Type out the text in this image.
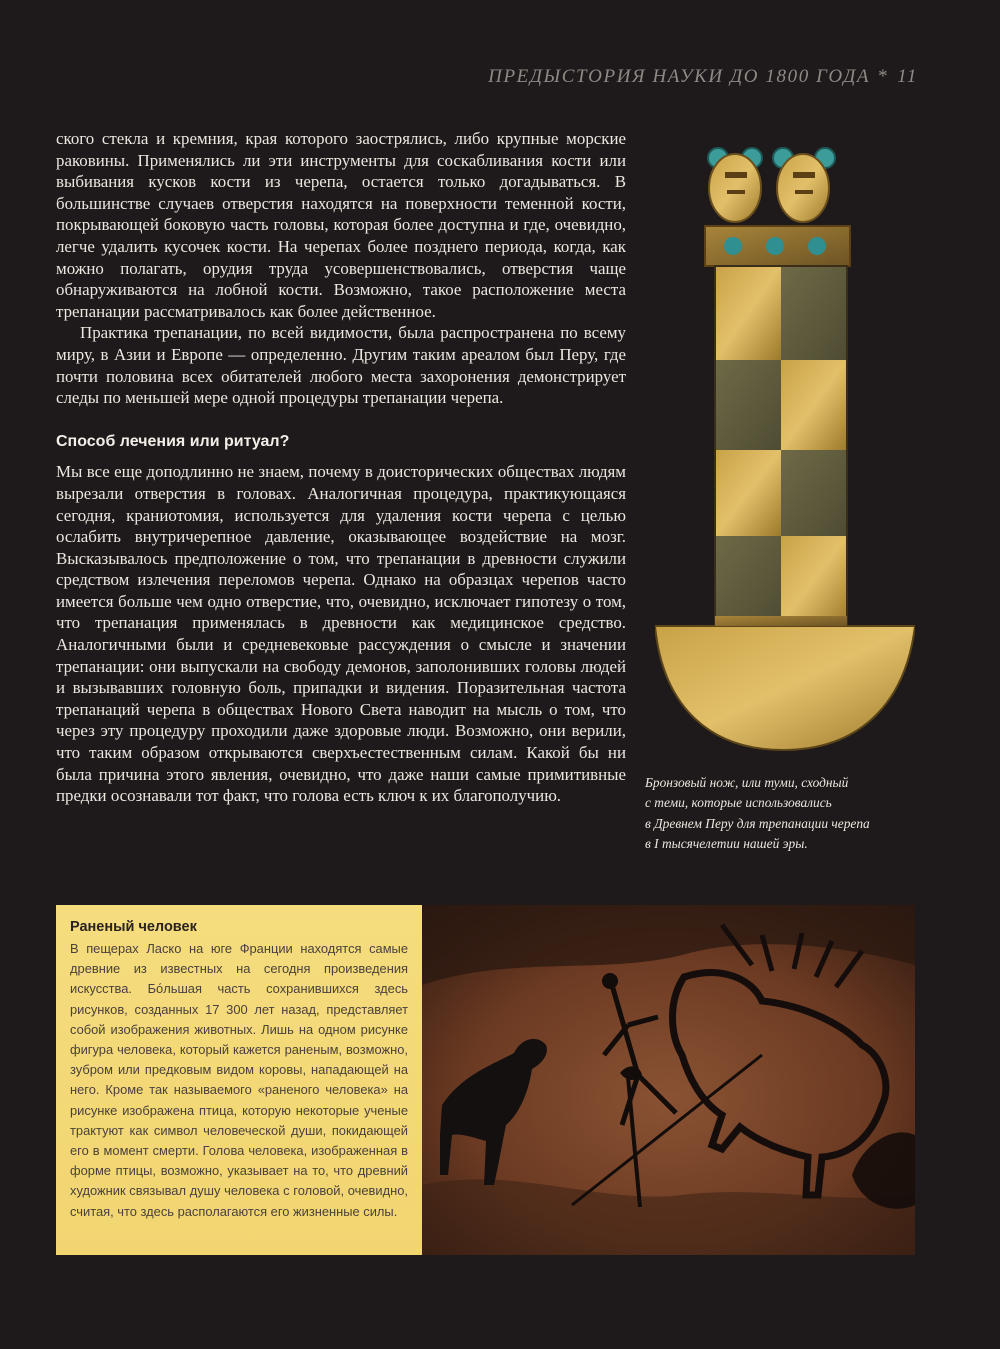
ПРЕДЫСТОРИЯ НАУКИ ДО 1800 ГОДА * 11

ского стекла и кремния, края которого заострялись, либо крупные морские раковины. Применялись ли эти инструменты для соскабливания кости или выбивания кусков кости из черепа, остается только догадываться. В большинстве случаев отверстия находятся на поверхности теменной кости, покрывающей боковую часть головы, которая более доступна и где, очевидно, легче удалить кусочек кости. На черепах более позднего периода, когда, как можно полагать, орудия труда усовершенствовались, отверстия чаще обнаруживаются на лобной кости. Возможно, такое расположение места трепанации рассматривалось как более действенное.

Практика трепанации, по всей видимости, была распространена по всему миру, в Азии и Европе — определенно. Другим таким ареалом был Перу, где почти половина всех обитателей любого места захоронения демонстрирует следы по меньшей мере одной процедуры трепанации черепа.

Способ лечения или ритуал?

Мы все еще доподлинно не знаем, почему в доисторических обществах людям вырезали отверстия в головах. Аналогичная процедура, практикующаяся сегодня, краниотомия, используется для удаления кости черепа с целью ослабить внутричерепное давление, оказывающее воздействие на мозг. Высказывалось предположение о том, что трепанации в древности служили средством излечения переломов черепа. Однако на образцах черепов часто имеется больше чем одно отверстие, что, очевидно, исключает гипотезу о том, что трепанация применялась в древности как медицинское средство. Аналогичными были и средневековые рассуждения о смысле и значении трепанации: они выпускали на свободу демонов, заполонивших головы людей и вызывавших головную боль, припадки и видения. Поразительная частота трепанаций черепа в обществах Нового Света наводит на мысль о том, что через эту процедуру проходили даже здоровые люди. Возможно, они верили, что таким образом открываются сверхъестественным силам. Какой бы ни была причина этого явления, очевидно, что даже наши самые примитивные предки осознавали тот факт, что голова есть ключ к их благополучию.

Бронзовый нож, или туми, сходный

с теми, которые использовались

в Древнем Перу для трепанации черепа

в I тысячелетии нашей эры.

Раненый человек

В пещерах Ласко на юге Франции находятся самые древние из известных на сегодня произведения искусства. Бо́льшая часть сохранившихся здесь рисунков, созданных 17 300 лет назад, представляет собой изображения животных. Лишь на одном рисунке фигура человека, который кажется раненым, возможно, зубром или предковым видом коровы, нападающей на него. Кроме так называемого «раненого человека» на рисунке изображена птица, которую некоторые ученые трактуют как символ человеческой души, покидающей его в момент смерти. Голова человека, изображенная в форме птицы, возможно, указывает на то, что древний художник связывал душу человека с головой, очевидно, считая, что здесь располагаются его жизненные силы.
